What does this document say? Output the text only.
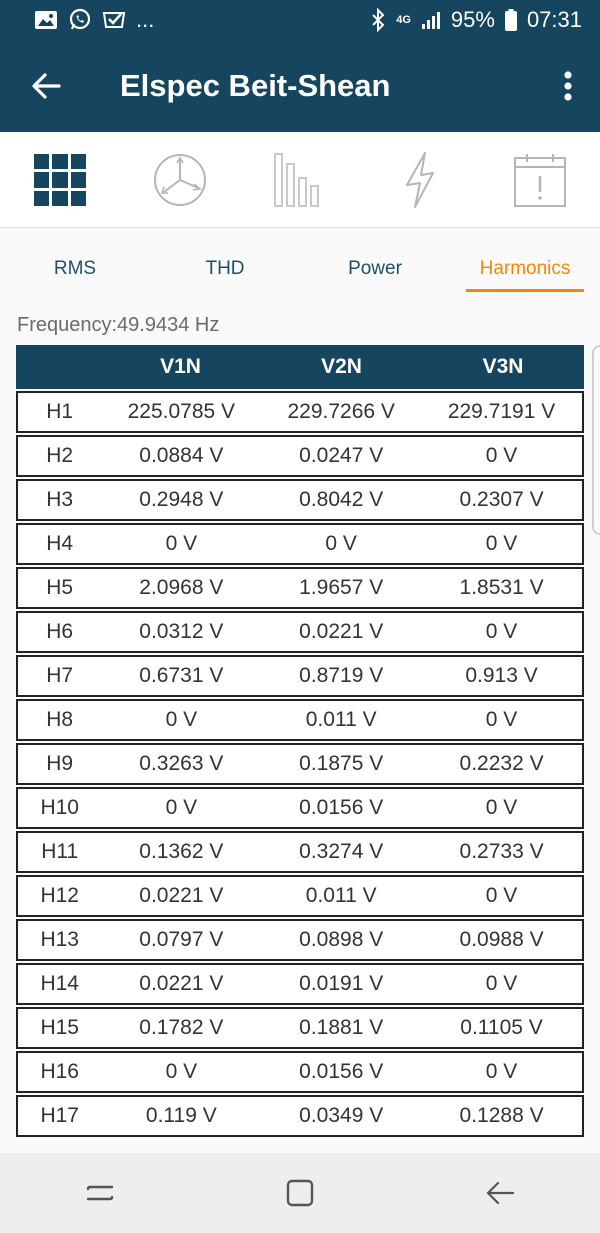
...	4G 95% 07:31
Elspec Beit-Shean
RMS	THD	Power	Harmonics
Frequency:49.9434 Hz
V1N	V2N	V3N
H1	225.0785 V	229.7266 V	229.7191 V
H2	0.0884 V	0.0247 V	0 V
H3	0.2948 V	0.8042 V	0.2307 V
H4	0 V	0 V	0 V
H5	2.0968 V	1.9657 V	1.8531 V
H6	0.0312 V	0.0221 V	0 V
H7	0.6731 V	0.8719 V	0.913 V
H8	0 V	0.011 V	0 V
H9	0.3263 V	0.1875 V	0.2232 V
H10	0 V	0.0156 V	0 V
H11	0.1362 V	0.3274 V	0.2733 V
H12	0.0221 V	0.011 V	0 V
H13	0.0797 V	0.0898 V	0.0988 V
H14	0.0221 V	0.0191 V	0 V
H15	0.1782 V	0.1881 V	0.1105 V
H16	0 V	0.0156 V	0 V
H17	0.119 V	0.0349 V	0.1288 V
